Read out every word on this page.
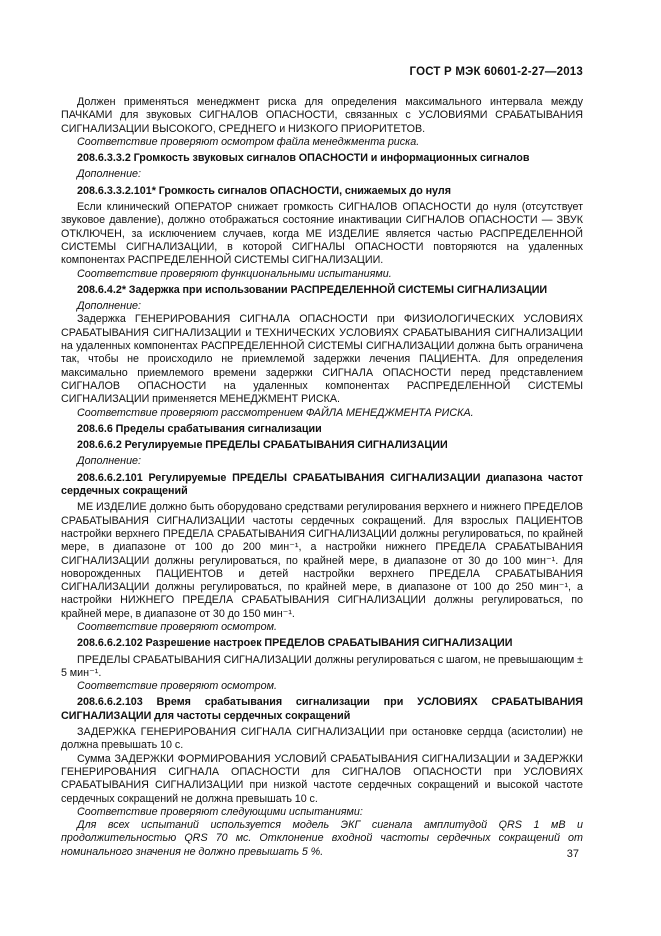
ГОСТ Р МЭК 60601-2-27—2013

Должен применяться менеджмент риска для определения максимального интервала между ПАЧКАМИ для звуковых СИГНАЛОВ ОПАСНОСТИ, связанных с УСЛОВИЯМИ СРАБАТЫВАНИЯ СИГНАЛИЗАЦИИ ВЫСОКОГО, СРЕДНЕГО и НИЗКОГО ПРИОРИТЕТОВ.

Соответствие проверяют осмотром файла менеджмента риска.

208.6.3.3.2 Громкость звуковых сигналов ОПАСНОСТИ и информационных сигналов

Дополнение:

208.6.3.3.2.101* Громкость сигналов ОПАСНОСТИ, снижаемых до нуля

Если клинический ОПЕРАТОР снижает громкость СИГНАЛОВ ОПАСНОСТИ до нуля (отсутствует звуковое давление), должно отображаться состояние инактивации СИГНАЛОВ ОПАСНОСТИ — ЗВУК ОТКЛЮЧЕН, за исключением случаев, когда МЕ ИЗДЕЛИЕ является частью РАСПРЕДЕЛЕННОЙ СИСТЕМЫ СИГНАЛИЗАЦИИ, в которой СИГНАЛЫ ОПАСНОСТИ повторяются на удаленных компонентах РАСПРЕДЕЛЕННОЙ СИСТЕМЫ СИГНАЛИЗАЦИИ.

Соответствие проверяют функциональными испытаниями.

208.6.4.2* Задержка при использовании РАСПРЕДЕЛЕННОЙ СИСТЕМЫ СИГНАЛИЗАЦИИ

Дополнение:

Задержка ГЕНЕРИРОВАНИЯ СИГНАЛА ОПАСНОСТИ при ФИЗИОЛОГИЧЕСКИХ УСЛОВИЯХ СРАБАТЫВАНИЯ СИГНАЛИЗАЦИИ и ТЕХНИЧЕСКИХ УСЛОВИЯХ СРАБАТЫВАНИЯ СИГНАЛИЗАЦИИ на удаленных компонентах РАСПРЕДЕЛЕННОЙ СИСТЕМЫ СИГНАЛИЗАЦИИ должна быть ограничена так, чтобы не происходило не приемлемой задержки лечения ПАЦИЕНТА. Для определения максимально приемлемого времени задержки СИГНАЛА ОПАСНОСТИ перед представлением СИГНАЛОВ ОПАСНОСТИ на удаленных компонентах РАСПРЕДЕЛЕННОЙ СИСТЕМЫ СИГНАЛИЗАЦИИ применяется МЕНЕДЖМЕНТ РИСКА.

Соответствие проверяют рассмотрением ФАЙЛА МЕНЕДЖМЕНТА РИСКА.

208.6.6 Пределы срабатывания сигнализации

208.6.6.2 Регулируемые ПРЕДЕЛЫ СРАБАТЫВАНИЯ СИГНАЛИЗАЦИИ

Дополнение:

208.6.6.2.101 Регулируемые ПРЕДЕЛЫ СРАБАТЫВАНИЯ СИГНАЛИЗАЦИИ диапазона частот сердечных сокращений

МЕ ИЗДЕЛИЕ должно быть оборудовано средствами регулирования верхнего и нижнего ПРЕДЕЛОВ СРАБАТЫВАНИЯ СИГНАЛИЗАЦИИ частоты сердечных сокращений. Для взрослых ПАЦИЕНТОВ настройки верхнего ПРЕДЕЛА СРАБАТЫВАНИЯ СИГНАЛИЗАЦИИ должны регулироваться, по крайней мере, в диапазоне от 100 до 200 мин⁻¹, а настройки нижнего ПРЕДЕЛА СРАБАТЫВАНИЯ СИГНАЛИЗАЦИИ должны регулироваться, по крайней мере, в диапазоне от 30 до 100 мин⁻¹. Для новорожденных ПАЦИЕНТОВ и детей настройки верхнего ПРЕДЕЛА СРАБАТЫВАНИЯ СИГНАЛИЗАЦИИ должны регулироваться, по крайней мере, в диапазоне от 100 до 250 мин⁻¹, а настройки НИЖНЕГО ПРЕДЕЛА СРАБАТЫВАНИЯ СИГНАЛИЗАЦИИ должны регулироваться, по крайней мере, в диапазоне от 30 до 150 мин⁻¹.

Соответствие проверяют осмотром.

208.6.6.2.102 Разрешение настроек ПРЕДЕЛОВ СРАБАТЫВАНИЯ СИГНАЛИЗАЦИИ

ПРЕДЕЛЫ СРАБАТЫВАНИЯ СИГНАЛИЗАЦИИ должны регулироваться с шагом, не превышающим ± 5 мин⁻¹.

Соответствие проверяют осмотром.

208.6.6.2.103 Время срабатывания сигнализации при УСЛОВИЯХ СРАБАТЫВАНИЯ СИГНАЛИЗАЦИИ для частоты сердечных сокращений

ЗАДЕРЖКА ГЕНЕРИРОВАНИЯ СИГНАЛА СИГНАЛИЗАЦИИ при остановке сердца (асистолии) не должна превышать 10 с.

Сумма ЗАДЕРЖКИ ФОРМИРОВАНИЯ УСЛОВИЙ СРАБАТЫВАНИЯ СИГНАЛИЗАЦИИ и ЗАДЕРЖКИ ГЕНЕРИРОВАНИЯ СИГНАЛА ОПАСНОСТИ для СИГНАЛОВ ОПАСНОСТИ при УСЛОВИЯХ СРАБАТЫВАНИЯ СИГНАЛИЗАЦИИ при низкой частоте сердечных сокращений и высокой частоте сердечных сокращений не должна превышать 10 с.

Соответствие проверяют следующими испытаниями:

Для всех испытаний используется модель ЭКГ сигнала амплитудой QRS 1 мВ и продолжительностью QRS 70 мс. Отклонение входной частоты сердечных сокращений от номинального значения не должно превышать 5 %.	37
